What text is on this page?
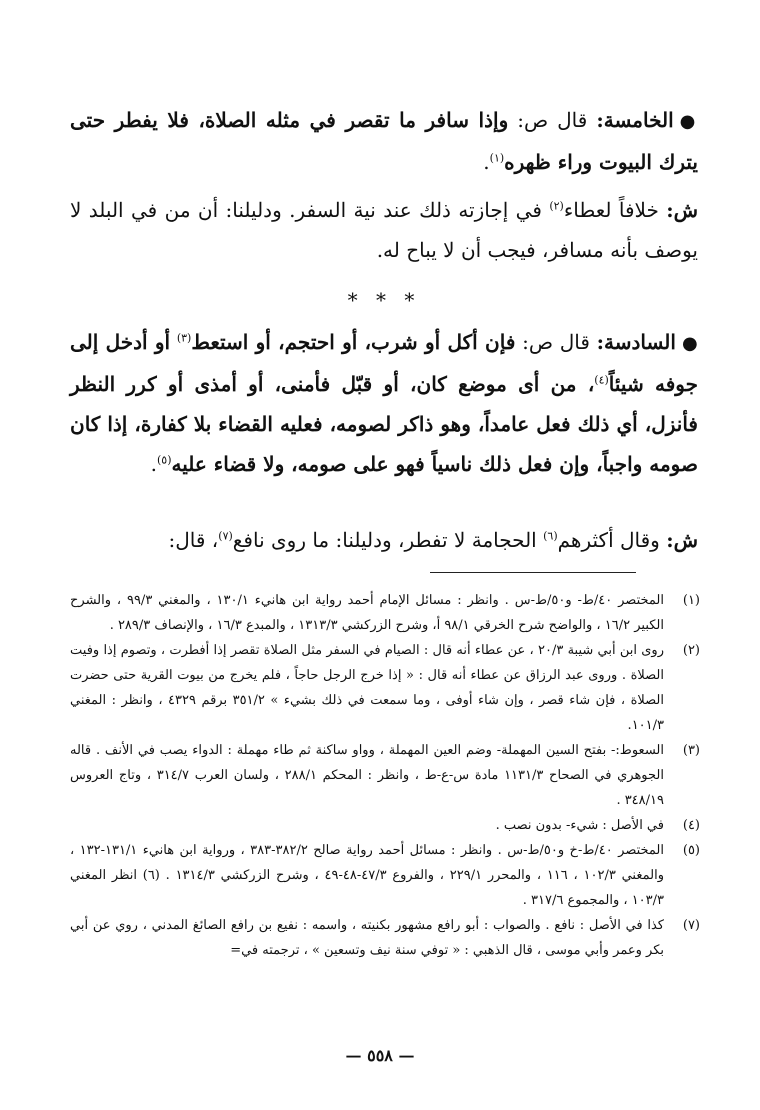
●الخامسة: قال ص: وإذا سافر ما تقصر في مثله الصلاة، فلا يفطر حتى يترك البيوت وراء ظهره$^{(١)}$.

ش: خلافاً لعطاء$^{(٢)}$ في إجازته ذلك عند نية السفر. ودليلنا: أن من في البلد لا يوصف بأنه مسافر، فيجب أن لا يباح له.

* * *

●السادسة: قال ص: فإن أكل أو شرب، أو احتجم، أو استعط$^{(٣)}$ أو أدخل إلى جوفه شيئاً$^{(٤)}$، من أى موضع كان، أو قبّل فأمنى، أو أمذى أو كرر النظر فأنزل، أي ذلك فعل عامداً، وهو ذاكر لصومه، فعليه القضاء بلا كفارة، إذا كان صومه واجباً، وإن فعل ذلك ناسياً فهو على صومه، ولا قضاء عليه$^{(٥)}$.

ش: وقال أكثرهم$^{(٦)}$ الحجامة لا تفطر، ودليلنا: ما روى نافع$^{(٧)}$، قال:

(١)
المختصر ٤٠/ط- و٥٠/ط-س . وانظر : مسائل الإمام أحمد رواية ابن هانيء ١٣٠/١ ، والمغني ٩٩/٣ ، والشرح الكبير ١٦/٢ ، والواضح شرح الخرقي ٩٨/١ أ، وشرح الزركشي ١٣١٣/٣ ، والمبدع ١٦/٣ ، والإنصاف ٢٨٩/٣ .
(٢)
روى ابن أبي شيبة ٢٠/٣ ، عن عطاء أنه قال : الصيام في السفر مثل الصلاة تقصر إذا أفطرت ، وتصوم إذا وفيت الصلاة . وروى عبد الرزاق عن عطاء أنه قال : « إذا خرج الرجل حاجاً ، فلم يخرج من بيوت القرية حتى حضرت الصلاة ، فإن شاء قصر ، وإن شاء أوفى ، وما سمعت في ذلك بشيء » ٣٥١/٢ برقم ٤٣٢٩ ، وانظر : المغني ١٠١/٣.
(٣)
السعوط:- بفتح السين المهملة- وضم العين المهملة ، وواو ساكنة ثم طاء مهملة : الدواء يصب في الأنف . قاله الجوهري في الصحاح ١١٣١/٣ مادة س-ع-ط ، وانظر : المحكم ٢٨٨/١ ، ولسان العرب ٣١٤/٧ ، وتاج العروس ٣٤٨/١٩ .
(٤)
في الأصل : شيء- بدون نصب .
(٥)
المختصر ٤٠/ط-خ و٥٠/ط-س . وانظر : مسائل أحمد رواية صالح ٣٨٢/٢-٣٨٣ ، ورواية ابن هانيء ١٣١/١-١٣٢ ، والمغني ١٠٢/٣ ، ١١٦ ، والمحرر ٢٢٩/١ ، والفروع ٤٧/٣-٤٨-٤٩ ، وشرح الزركشي ١٣١٤/٣ . (٦) انظر المغني ١٠٣/٣ ، والمجموع ٣١٧/٦ .
(٧)
كذا في الأصل : نافع . والصواب : أبو رافع مشهور بكنيته ، واسمه : نفيع بن رافع الصائغ المدني ، روي عن أبي بكر وعمر وأبي موسى ، قال الذهبي : « توفي سنة نيف وتسعين » ، ترجمته في=
— ٥٥٨ —
